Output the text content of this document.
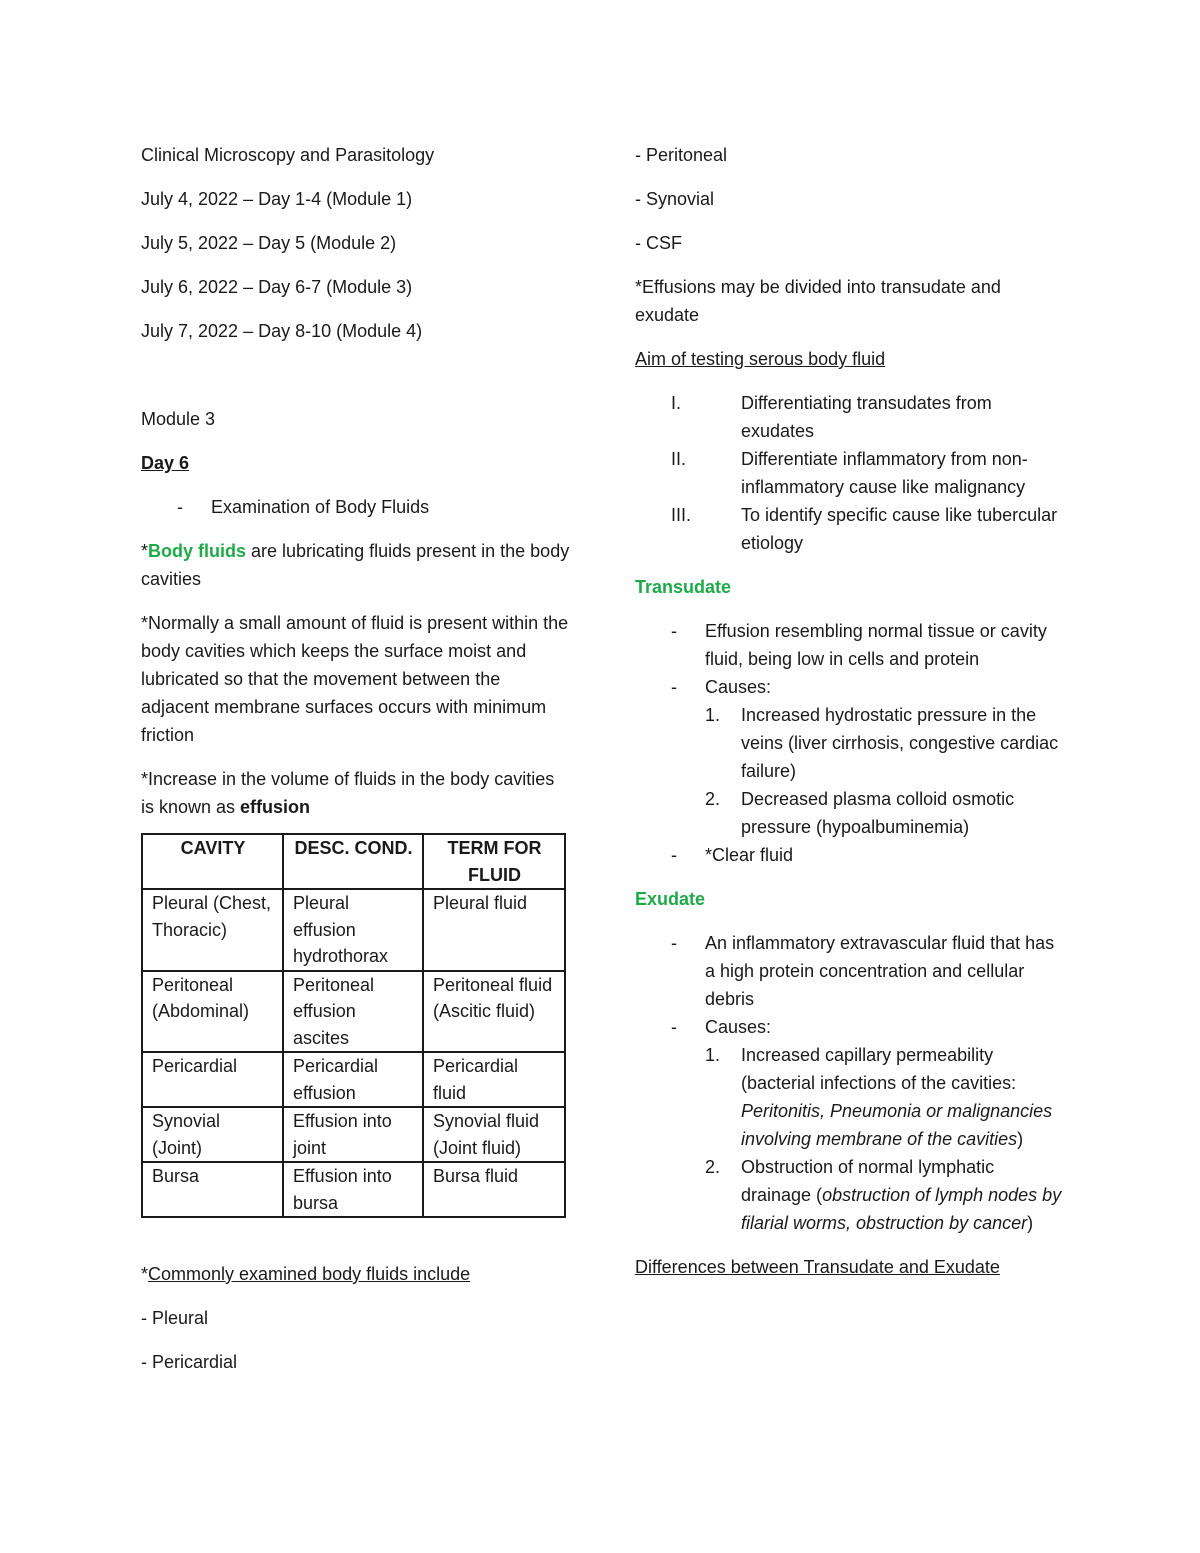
Clinical Microscopy and Parasitology

July 4, 2022 – Day 1-4 (Module 1)

July 5, 2022 – Day 5 (Module 2)

July 6, 2022 – Day 6-7 (Module 3)

July 7, 2022 – Day 8-10 (Module 4)

Module 3

Day 6

-	Examination of Body Fluids

*Body fluids are lubricating fluids present in the body cavities

*Normally a small amount of fluid is present within the body cavities which keeps the surface moist and lubricated so that the movement between the adjacent membrane surfaces occurs with minimum friction

*Increase in the volume of fluids in the body cavities is known as effusion

CAVITY	DESC. COND.	TERM FOR FLUID
Pleural (Chest, Thoracic)	Pleural effusion hydrothorax	Pleural fluid
Peritoneal (Abdominal)	Peritoneal effusion ascites	Peritoneal fluid (Ascitic fluid)
Pericardial	Pericardial effusion	Pericardial fluid
Synovial (Joint)	Effusion into joint	Synovial fluid (Joint fluid)
Bursa	Effusion into bursa	Bursa fluid

*Commonly examined body fluids include

- Pleural

- Pericardial

- Peritoneal

- Synovial

- CSF

*Effusions may be divided into transudate and exudate

Aim of testing serous body fluid

I.	Differentiating transudates from exudates
II.	Differentiate inflammatory from non-inflammatory cause like malignancy
III.	To identify specific cause like tubercular etiology

Transudate

-	Effusion resembling normal tissue or cavity fluid, being low in cells and protein
-	Causes:
1.	Increased hydrostatic pressure in the veins (liver cirrhosis, congestive cardiac failure)
2.	Decreased plasma colloid osmotic pressure (hypoalbuminemia)
-	*Clear fluid

Exudate

-	An inflammatory extravascular fluid that has a high protein concentration and cellular debris
-	Causes:
1.	Increased capillary permeability (bacterial infections of the cavities: Peritonitis, Pneumonia or malignancies involving membrane of the cavities)
2.	Obstruction of normal lymphatic drainage (obstruction of lymph nodes by filarial worms, obstruction by cancer)

Differences between Transudate and Exudate
